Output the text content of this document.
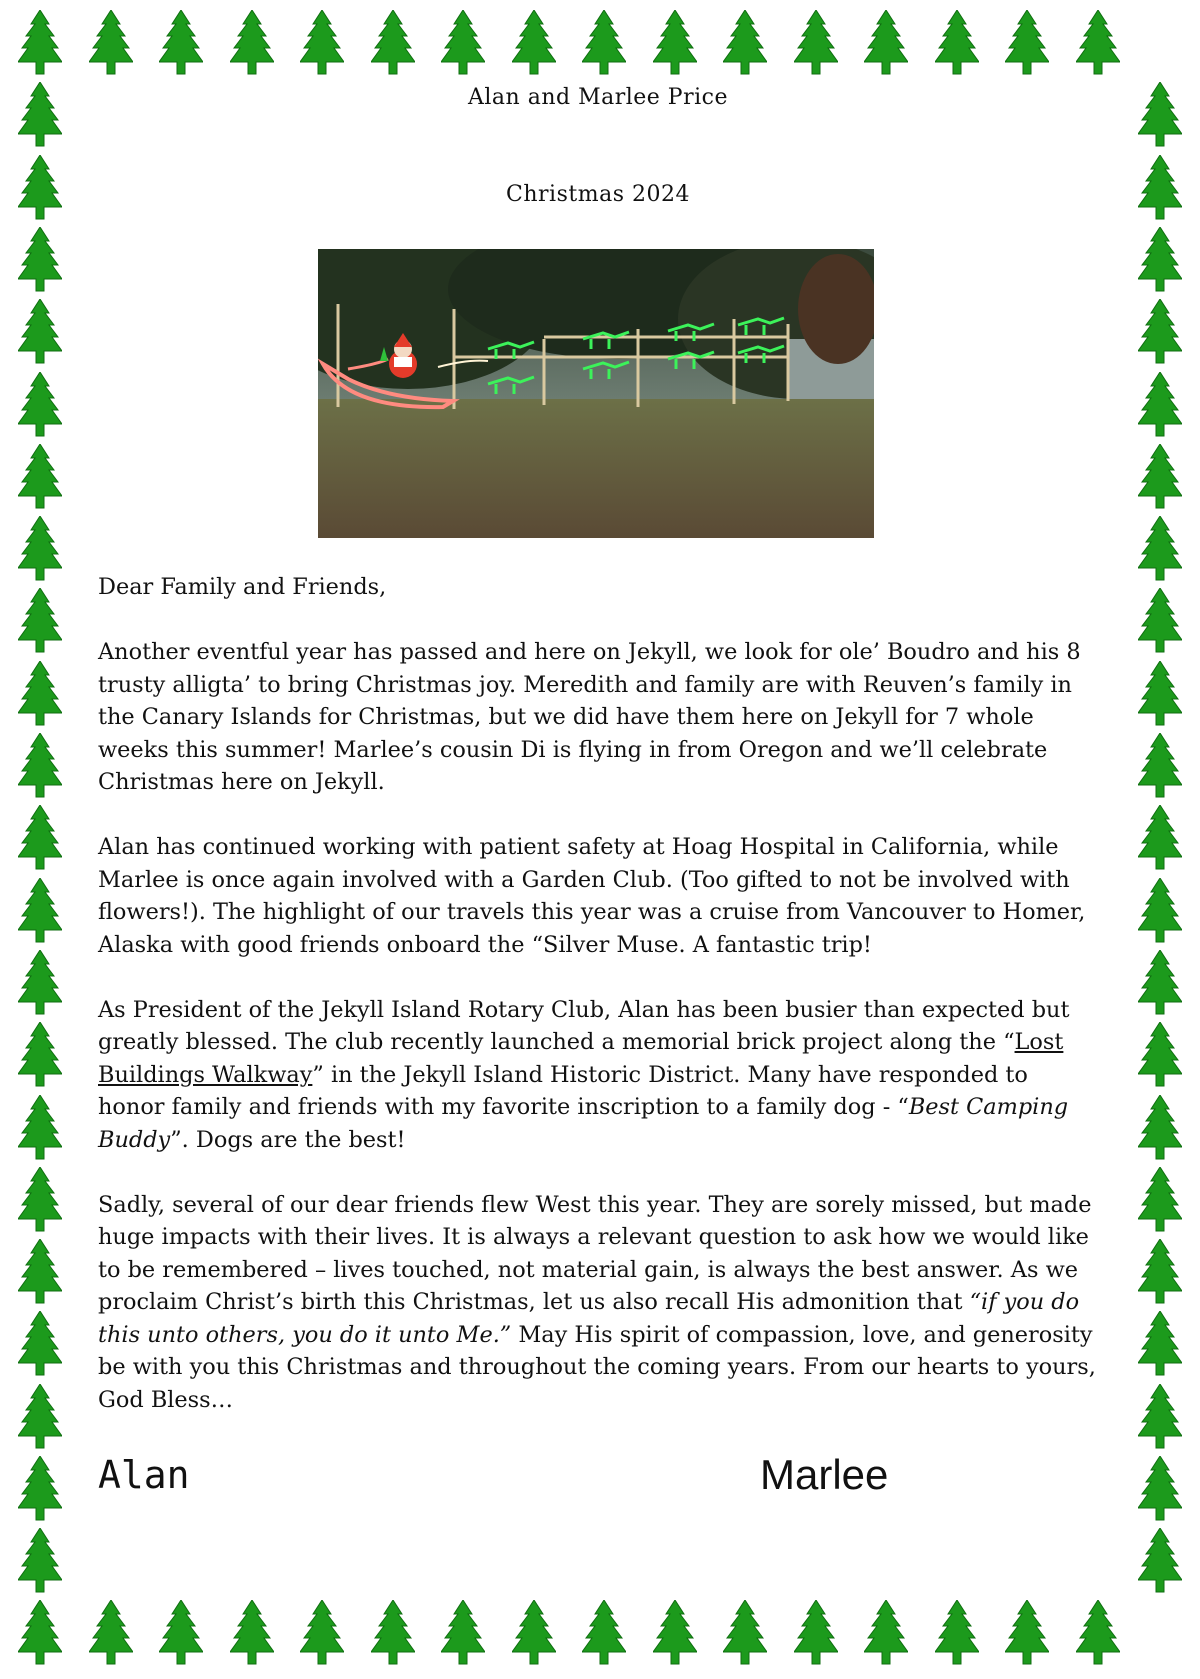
Alan and Marlee Price
Christmas 2024

Dear Family and Friends,

Another eventful year has passed and here on Jekyll, we look for ole’ Boudro and his 8 trusty alligta’ to bring Christmas joy. Meredith and family are with Reuven’s family in the Canary Islands for Christmas, but we did have them here on Jekyll for 7 whole weeks this summer! Marlee’s cousin Di is flying in from Oregon and we’ll celebrate Christmas here on Jekyll.

Alan has continued working with patient safety at Hoag Hospital in California, while Marlee is once again involved with a Garden Club. (Too gifted to not be involved with flowers!). The highlight of our travels this year was a cruise from Vancouver to Homer, Alaska with good friends onboard the “Silver Muse. A fantastic trip!

As President of the Jekyll Island Rotary Club, Alan has been busier than expected but greatly blessed. The club recently launched a memorial brick project along the “Lost Buildings Walkway” in the Jekyll Island Historic District. Many have responded to honor family and friends with my favorite inscription to a family dog - “Best Camping Buddy”. Dogs are the best!

Sadly, several of our dear friends flew West this year. They are sorely missed, but made huge impacts with their lives. It is always a relevant question to ask how we would like to be remembered – lives touched, not material gain, is always the best answer. As we proclaim Christ’s birth this Christmas, let us also recall His admonition that “if you do this unto others, you do it unto Me.” May His spirit of compassion, love, and generosity be with you this Christmas and throughout the coming years. From our hearts to yours, God Bless…

Alan	Marlee
